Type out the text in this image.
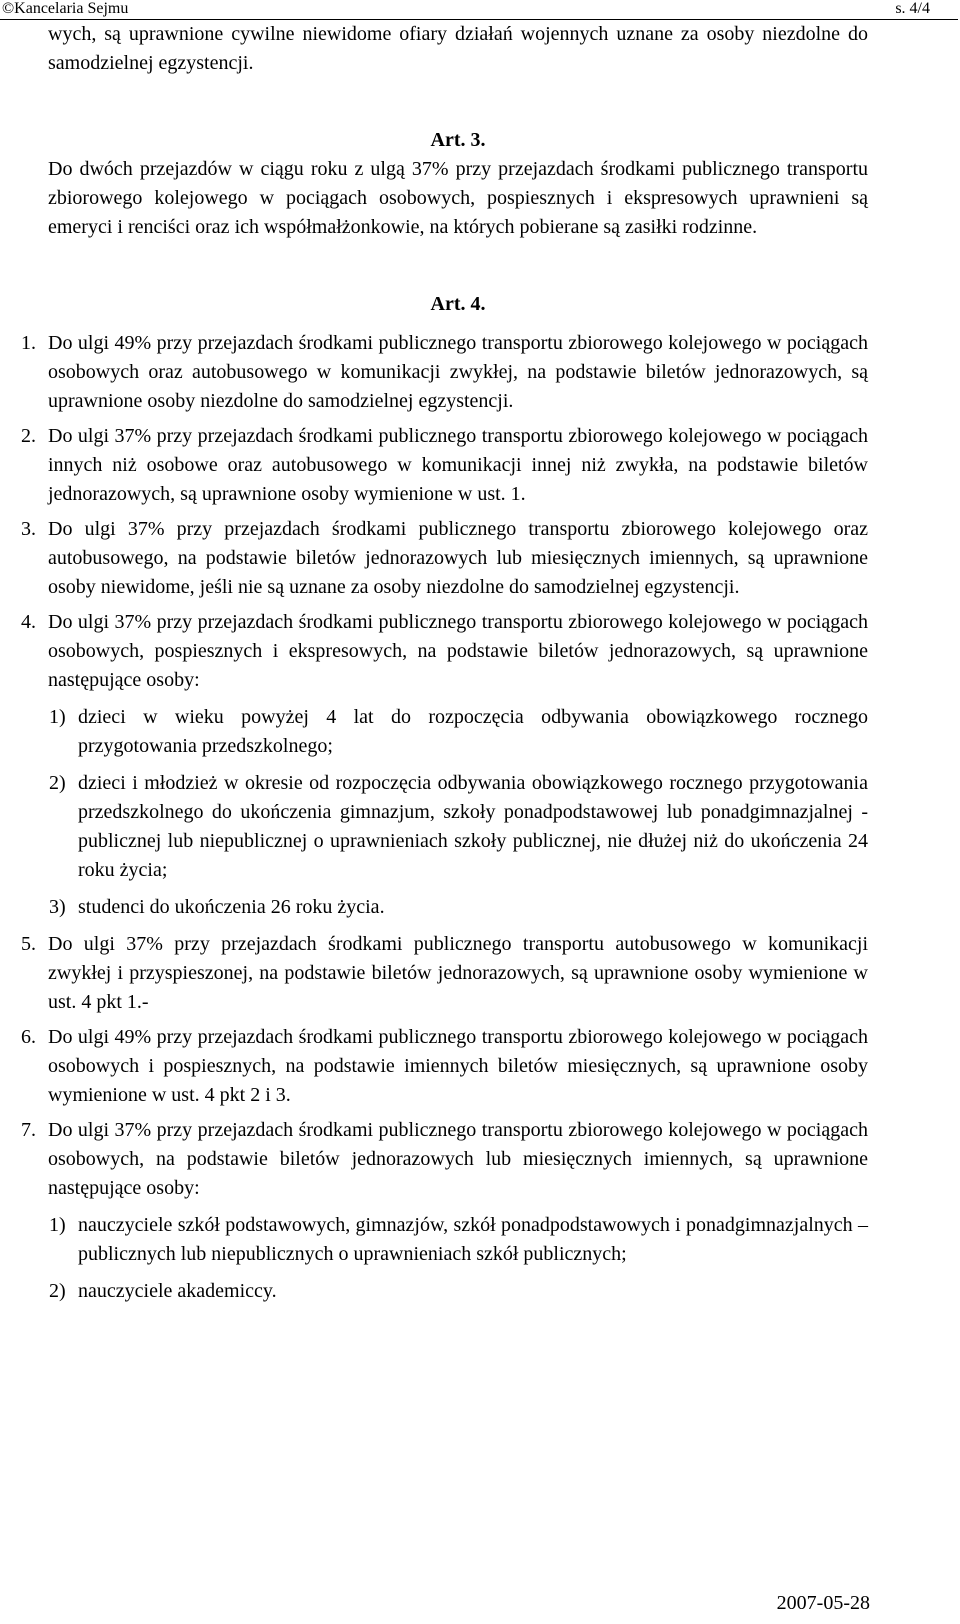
©Kancelaria Sejmu	s. 4/4

wych, są uprawnione cywilne niewidome ofiary działań wojennych uznane za osoby niezdolne do samodzielnej egzystencji.

Art. 3.

Do dwóch przejazdów w ciągu roku z ulgą 37% przy przejazdach środkami publicznego transportu zbiorowego kolejowego w pociągach osobowych, pospiesznych i ekspresowych uprawnieni są emeryci i renciści oraz ich współmałżonkowie, na których pobierane są zasiłki rodzinne.

Art. 4.

1. Do ulgi 49% przy przejazdach środkami publicznego transportu zbiorowego kolejowego w pociągach osobowych oraz autobusowego w komunikacji zwykłej, na podstawie biletów jednorazowych, są uprawnione osoby niezdolne do samodzielnej egzystencji.
2. Do ulgi 37% przy przejazdach środkami publicznego transportu zbiorowego kolejowego w pociągach innych niż osobowe oraz autobusowego w komunikacji innej niż zwykła, na podstawie biletów jednorazowych, są uprawnione osoby wymienione w ust. 1.
3. Do ulgi 37% przy przejazdach środkami publicznego transportu zbiorowego kolejowego oraz autobusowego, na podstawie biletów jednorazowych lub miesięcznych imiennych, są uprawnione osoby niewidome, jeśli nie są uznane za osoby niezdolne do samodzielnej egzystencji.
4. Do ulgi 37% przy przejazdach środkami publicznego transportu zbiorowego kolejowego w pociągach osobowych, pospiesznych i ekspresowych, na podstawie biletów jednorazowych, są uprawnione następujące osoby:
1) dzieci w wieku powyżej 4 lat do rozpoczęcia odbywania obowiązkowego rocznego przygotowania przedszkolnego;
2) dzieci i młodzież w okresie od rozpoczęcia odbywania obowiązkowego rocznego przygotowania przedszkolnego do ukończenia gimnazjum, szkoły ponadpodstawowej lub ponadgimnazjalnej - publicznej lub niepublicznej o uprawnieniach szkoły publicznej, nie dłużej niż do ukończenia 24 roku życia;
3) studenci do ukończenia 26 roku życia.
5. Do ulgi 37% przy przejazdach środkami publicznego transportu autobusowego w komunikacji zwykłej i przyspieszonej, na podstawie biletów jednorazowych, są uprawnione osoby wymienione w ust. 4 pkt 1.-
6. Do ulgi 49% przy przejazdach środkami publicznego transportu zbiorowego kolejowego w pociągach osobowych i pospiesznych, na podstawie imiennych biletów miesięcznych, są uprawnione osoby wymienione w ust. 4 pkt 2 i 3.
7. Do ulgi 37% przy przejazdach środkami publicznego transportu zbiorowego kolejowego w pociągach osobowych, na podstawie biletów jednorazowych lub miesięcznych imiennych, są uprawnione następujące osoby:
1) nauczyciele szkół podstawowych, gimnazjów, szkół ponadpodstawowych i ponadgimnazjalnych – publicznych lub niepublicznych o uprawnieniach szkół publicznych;
2) nauczyciele akademiccy.
2007-05-28
